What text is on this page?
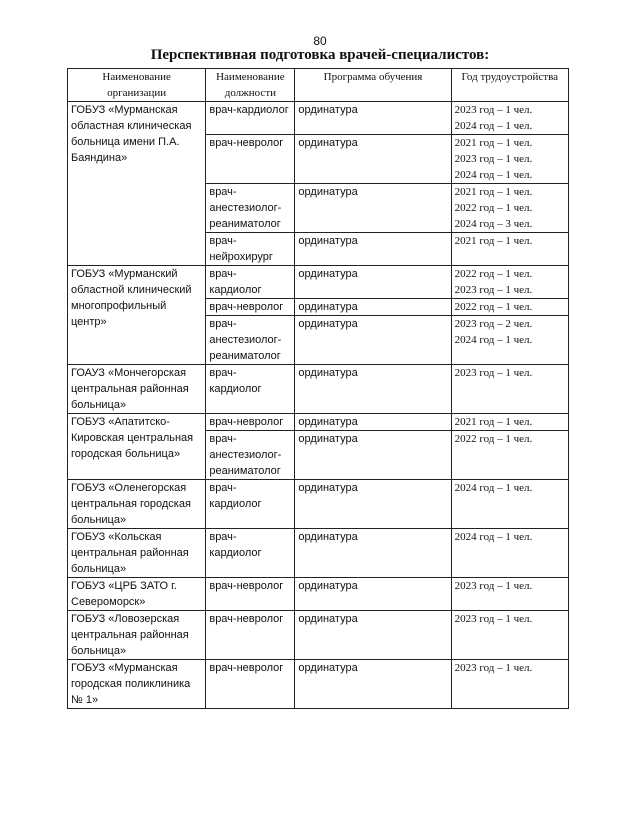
80
Перспективная подготовка врачей-специалистов:
Наименование
организации	Наименование
должности	Программа обучения	Год трудоустройства

ГОБУЗ «Мурманская
областная клиническая
больница имени П.А.
Баяндина»	врач-кардиолог	ординатура	2023 год – 1 чел.
2024 год – 1 чел.

	врач-невролог	ординатура	2021 год – 1 чел.
2023 год – 1 чел.
2024 год – 1 чел.

	врач-
анестезиолог-
реаниматолог	ординатура	2021 год – 1 чел.
2022 год – 1 чел.
2024 год – 3 чел.

	врач-
нейрохирург	ординатура	2021 год – 1 чел.

ГОБУЗ «Мурманский
областной клинический
многопрофильный
центр»	врач-
кардиолог	ординатура	2022 год – 1 чел.
2023 год – 1 чел.

	врач-невролог	ординатура	2022 год – 1 чел.

	врач-
анестезиолог-
реаниматолог	ординатура	2023 год – 2 чел.
2024 год – 1 чел.

ГОАУЗ «Мончегорская
центральная районная
больница»	врач-
кардиолог	ординатура	2023 год – 1 чел.

ГОБУЗ «Апатитско-
Кировская центральная
городская больница»	врач-невролог	ординатура	2021 год – 1 чел.

	врач-
анестезиолог-
реаниматолог	ординатура	2022 год – 1 чел.

ГОБУЗ «Оленегорская
центральная городская
больница»	врач-
кардиолог	ординатура	2024 год – 1 чел.

ГОБУЗ «Кольская
центральная районная
больница»	врач-
кардиолог	ординатура	2024 год – 1 чел.

ГОБУЗ «ЦРБ ЗАТО г.
Североморск»	врач-невролог	ординатура	2023 год – 1 чел.

ГОБУЗ «Ловозерская
центральная районная
больница»	врач-невролог	ординатура	2023 год – 1 чел.

ГОБУЗ «Мурманская
городская поликлиника
№ 1»	врач-невролог	ординатура	2023 год – 1 чел.
